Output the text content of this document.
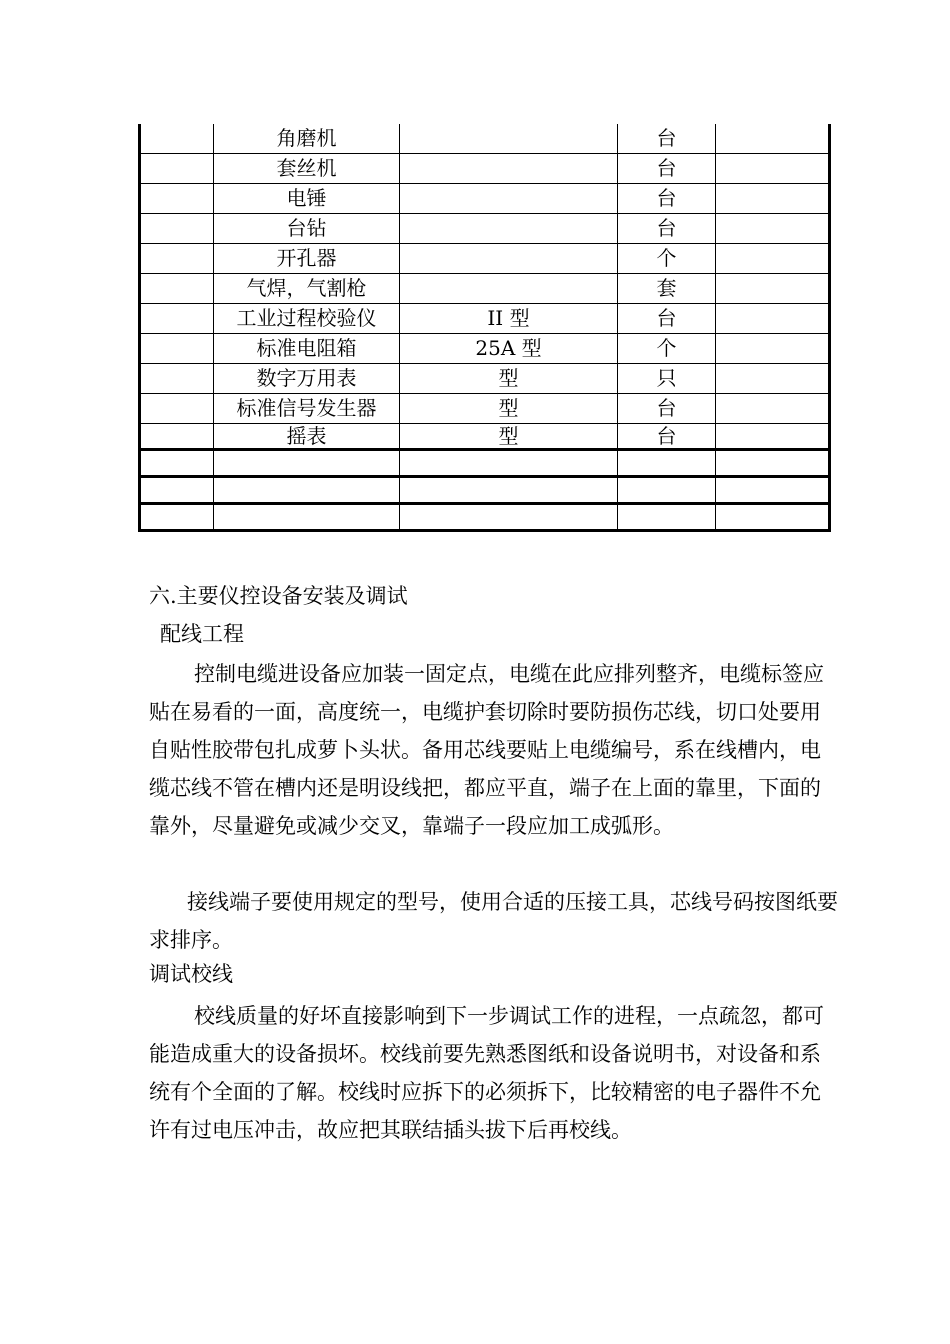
	角磨机		台	
	套丝机		台	
	电锤		台	
	台钻		台	
	开孔器		个	
	气焊，气割枪		套	
	工业过程校验仪	II 型	台	
	标准电阻箱	25A 型	个	
	数字万用表	型	只	
	标准信号发生器	型	台	
	摇表	型	台	

六.主要仪控设备安装及调试
配线工程
控制电缆进设备应加装一固定点，电缆在此应排列整齐，电缆标签应贴在易看的一面，高度统一，电缆护套切除时要防损伤芯线，切口处要用自贴性胶带包扎成萝卜头状。备用芯线要贴上电缆编号，系在线槽内，电缆芯线不管在槽内还是明设线把，都应平直，端子在上面的靠里，下面的靠外，尽量避免或减少交叉，靠端子一段应加工成弧形。
接线端子要使用规定的型号，使用合适的压接工具，芯线号码按图纸要求排序。
调试校线
校线质量的好坏直接影响到下一步调试工作的进程，一点疏忽，都可能造成重大的设备损坏。校线前要先熟悉图纸和设备说明书，对设备和系统有个全面的了解。校线时应拆下的必须拆下，比较精密的电子器件不允许有过电压冲击，故应把其联结插头拔下后再校线。
